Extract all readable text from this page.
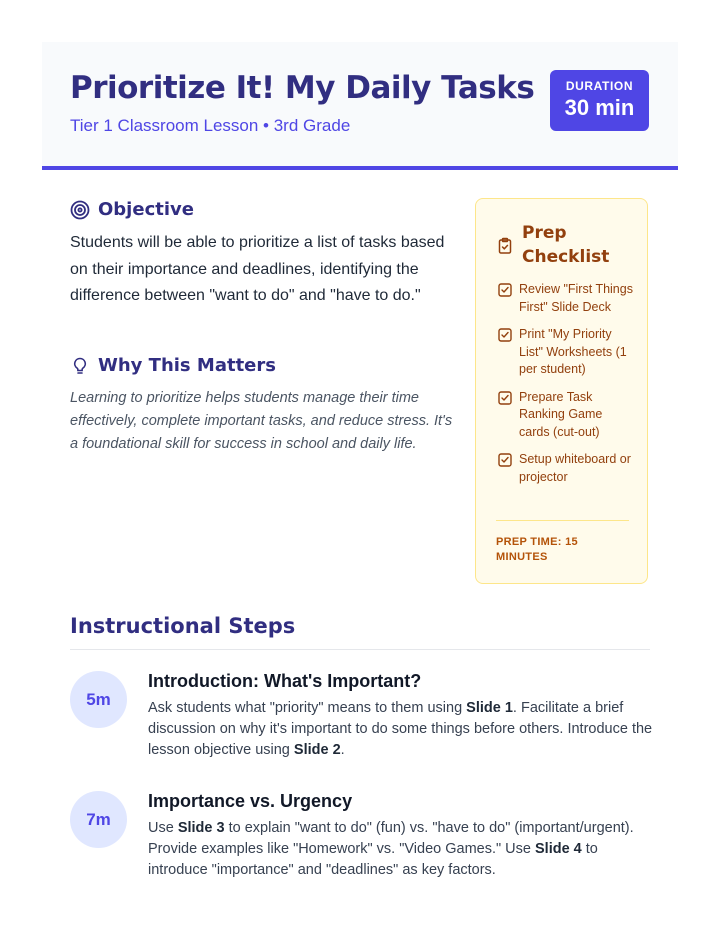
Prioritize It! My Daily Tasks
Tier 1 Classroom Lesson • 3rd Grade
DURATION
30 min
Objective
Students will be able to prioritize a list of tasks based on their importance and deadlines, identifying the difference between "want to do" and "have to do."
Why This Matters
Learning to prioritize helps students manage their time effectively, complete important tasks, and reduce stress. It's a foundational skill for success in school and daily life.
Prep Checklist
Review "First Things First" Slide Deck
Print "My Priority List" Worksheets (1 per student)
Prepare Task Ranking Game cards (cut-out)
Setup whiteboard or projector
PREP TIME: 15 MINUTES
Instructional Steps
5m
Introduction: What's Important?

Ask students what "priority" means to them using Slide 1. Facilitate a brief discussion on why it's important to do some things before others. Introduce the lesson objective using Slide 2.

7m
Importance vs. Urgency

Use Slide 3 to explain "want to do" (fun) vs. "have to do" (important/urgent). Provide examples like "Homework" vs. "Video Games." Use Slide 4 to introduce "importance" and "deadlines" as key factors.
